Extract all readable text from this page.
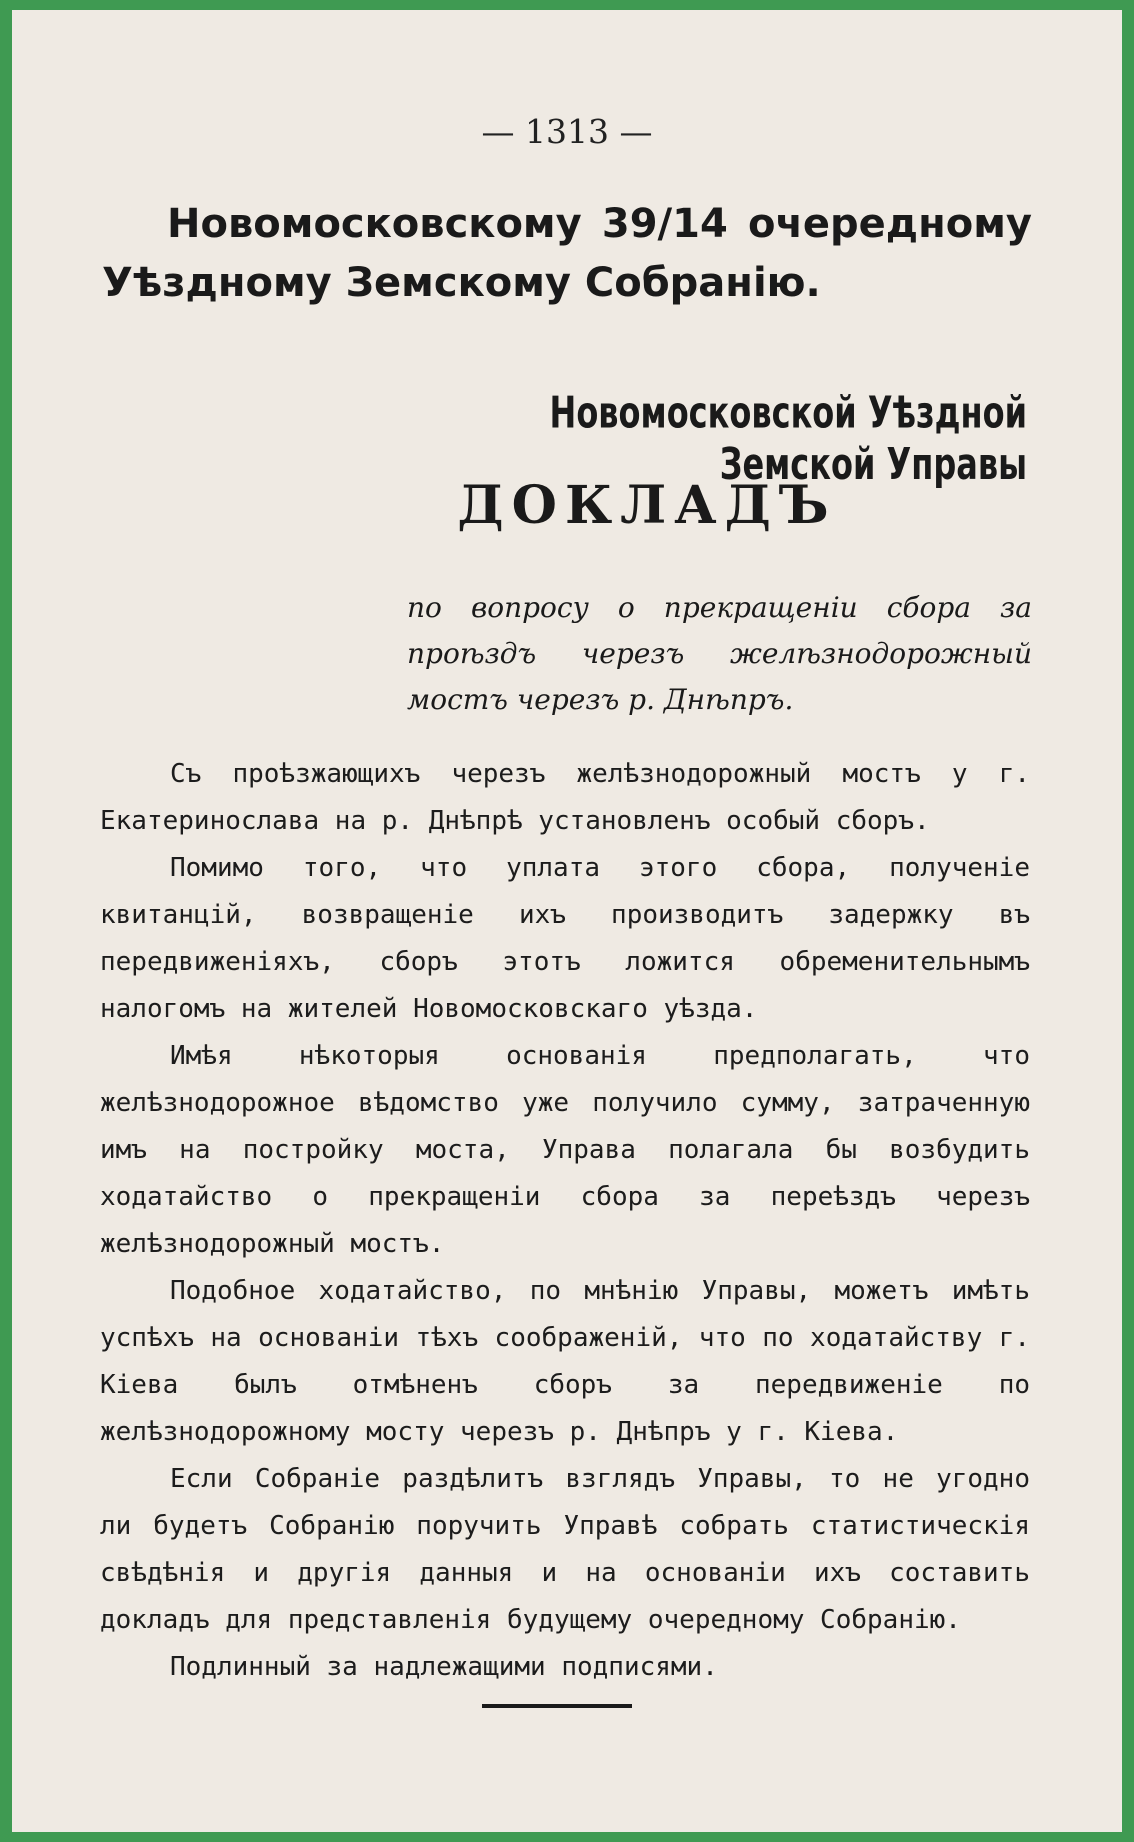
— 1313 —
Новомосковскому 39/14 очередному Уѣздному Земскому Собранію.
Новомосковской Уѣздной Земской Управы
ДОКЛАДЪ
по вопросу о прекращеніи сбора за проѣздъ черезъ желѣзнодорожный мостъ черезъ р. Днѣпръ.

Съ проѣзжающихъ черезъ желѣзнодорожный мостъ у г. Екатеринослава на р. Днѣпрѣ установленъ особый сборъ.

Помимо того, что уплата этого сбора, полученіе квитанцій, возвращеніе ихъ производитъ задержку въ передвиженіяхъ, сборъ этотъ ложится обременительнымъ налогомъ на жителей Новомосковскаго уѣзда.

Имѣя нѣкоторыя основанія предполагать, что желѣзнодорожное вѣдомство уже получило сумму, затраченную имъ на постройку моста, Управа полагала бы возбудить ходатайство о прекращеніи сбора за переѣздъ черезъ желѣзнодорожный мостъ.

Подобное ходатайство, по мнѣнію Управы, можетъ имѣть успѣхъ на основаніи тѣхъ соображеній, что по ходатайству г. Кіева былъ отмѣненъ сборъ за передвиженіе по желѣзнодорожному мосту черезъ р. Днѣпръ у г. Кіева.

Если Собраніе раздѣлитъ взглядъ Управы, то не угодно ли будетъ Собранію поручить Управѣ собрать статистическія свѣдѣнія и другія данныя и на основаніи ихъ составить докладъ для представленія будущему очередному Собранію.

Подлинный за надлежащими подписями.
